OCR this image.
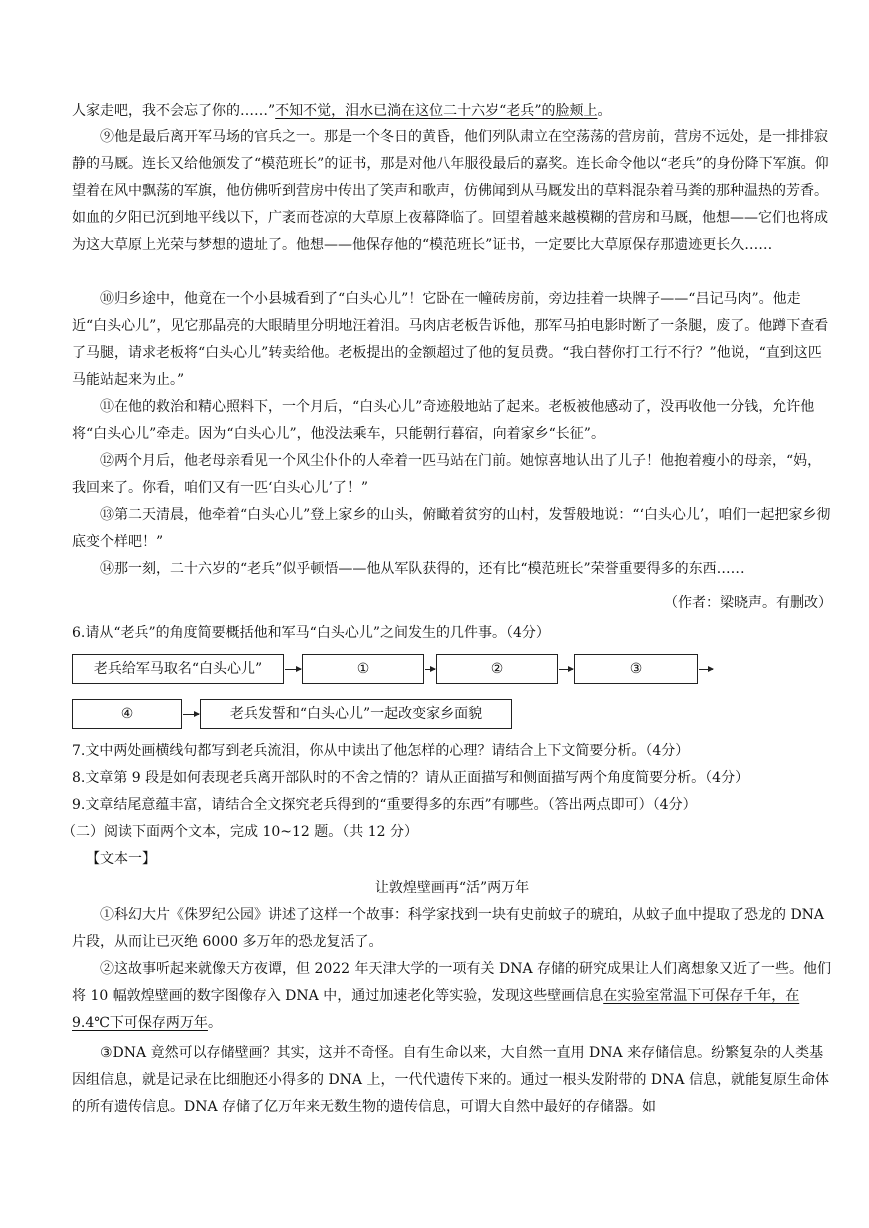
人家走吧，我不会忘了你的……”不知不觉，泪水已淌在这位二十六岁“老兵”的脸颊上。

⑨他是最后离开军马场的官兵之一。那是一个冬日的黄昏，他们列队肃立在空荡荡的营房前，营房不远处，是一排排寂静的马厩。连长又给他颁发了“模范班长”的证书，那是对他八年服役最后的嘉奖。连长命令他以“老兵”的身份降下军旗。仰望着在风中飘荡的军旗，他仿佛听到营房中传出了笑声和歌声，仿佛闻到从马厩发出的草料混杂着马粪的那种温热的芳香。如血的夕阳已沉到地平线以下，广袤而苍凉的大草原上夜幕降临了。回望着越来越模糊的营房和马厩，他想——它们也将成为这大草原上光荣与梦想的遗址了。他想——他保存他的“模范班长”证书，一定要比大草原保存那遗迹更长久……

⑩归乡途中，他竟在一个小县城看到了“白头心儿”！它卧在一幢砖房前，旁边挂着一块牌子——“吕记马肉”。他走近“白头心儿”，见它那晶亮的大眼睛里分明地汪着泪。马肉店老板告诉他，那军马拍电影时断了一条腿，废了。他蹲下查看了马腿，请求老板将“白头心儿”转卖给他。老板提出的金额超过了他的复员费。“我白替你打工行不行？”他说，“直到这匹马能站起来为止。”

⑪在他的救治和精心照料下，一个月后，“白头心儿”奇迹般地站了起来。老板被他感动了，没再收他一分钱，允许他将“白头心儿”牵走。因为“白头心儿”，他没法乘车，只能朝行暮宿，向着家乡“长征”。

⑫两个月后，他老母亲看见一个风尘仆仆的人牵着一匹马站在门前。她惊喜地认出了儿子！他抱着瘦小的母亲，“妈，我回来了。你看，咱们又有一匹‘白头心儿’了！”

⑬第二天清晨，他牵着“白头心儿”登上家乡的山头，俯瞰着贫穷的山村，发誓般地说：“‘白头心儿’，咱们一起把家乡彻底变个样吧！”

⑭那一刻，二十六岁的“老兵”似乎顿悟——他从军队获得的，还有比“模范班长”荣誉重要得多的东西……

（作者：梁晓声。有删改）

6.请从“老兵”的角度简要概括他和军马“白头心儿”之间发生的几件事。（4分）

老兵给军马取名“白头心儿”	①	②	③
④	老兵发誓和“白头心儿”一起改变家乡面貌

7.文中两处画横线句都写到老兵流泪，你从中读出了他怎样的心理？请结合上下文简要分析。（4分）

8.文章第 9 段是如何表现老兵离开部队时的不舍之情的？请从正面描写和侧面描写两个角度简要分析。（4分）

9.文章结尾意蕴丰富，请结合全文探究老兵得到的“重要得多的东西”有哪些。（答出两点即可）（4分）

（二）阅读下面两个文本，完成 10~12 题。（共 12 分）

【文本一】

让敦煌壁画再“活”两万年

①科幻大片《侏罗纪公园》讲述了这样一个故事：科学家找到一块有史前蚊子的琥珀，从蚊子血中提取了恐龙的 DNA 片段，从而让已灭绝 6000 多万年的恐龙复活了。

②这故事听起来就像天方夜谭，但 2022 年天津大学的一项有关 DNA 存储的研究成果让人们离想象又近了一些。他们将 10 幅敦煌壁画的数字图像存入 DNA 中，通过加速老化等实验，发现这些壁画信息在实验室常温下可保存千年，在 9.4℃下可保存两万年。

③DNA 竟然可以存储壁画？其实，这并不奇怪。自有生命以来，大自然一直用 DNA 来存储信息。纷繁复杂的人类基因组信息，就是记录在比细胞还小得多的 DNA 上，一代代遗传下来的。通过一根头发附带的 DNA 信息，就能复原生命体的所有遗传信息。DNA 存储了亿万年来无数生物的遗传信息，可谓大自然中最好的存储器。如
